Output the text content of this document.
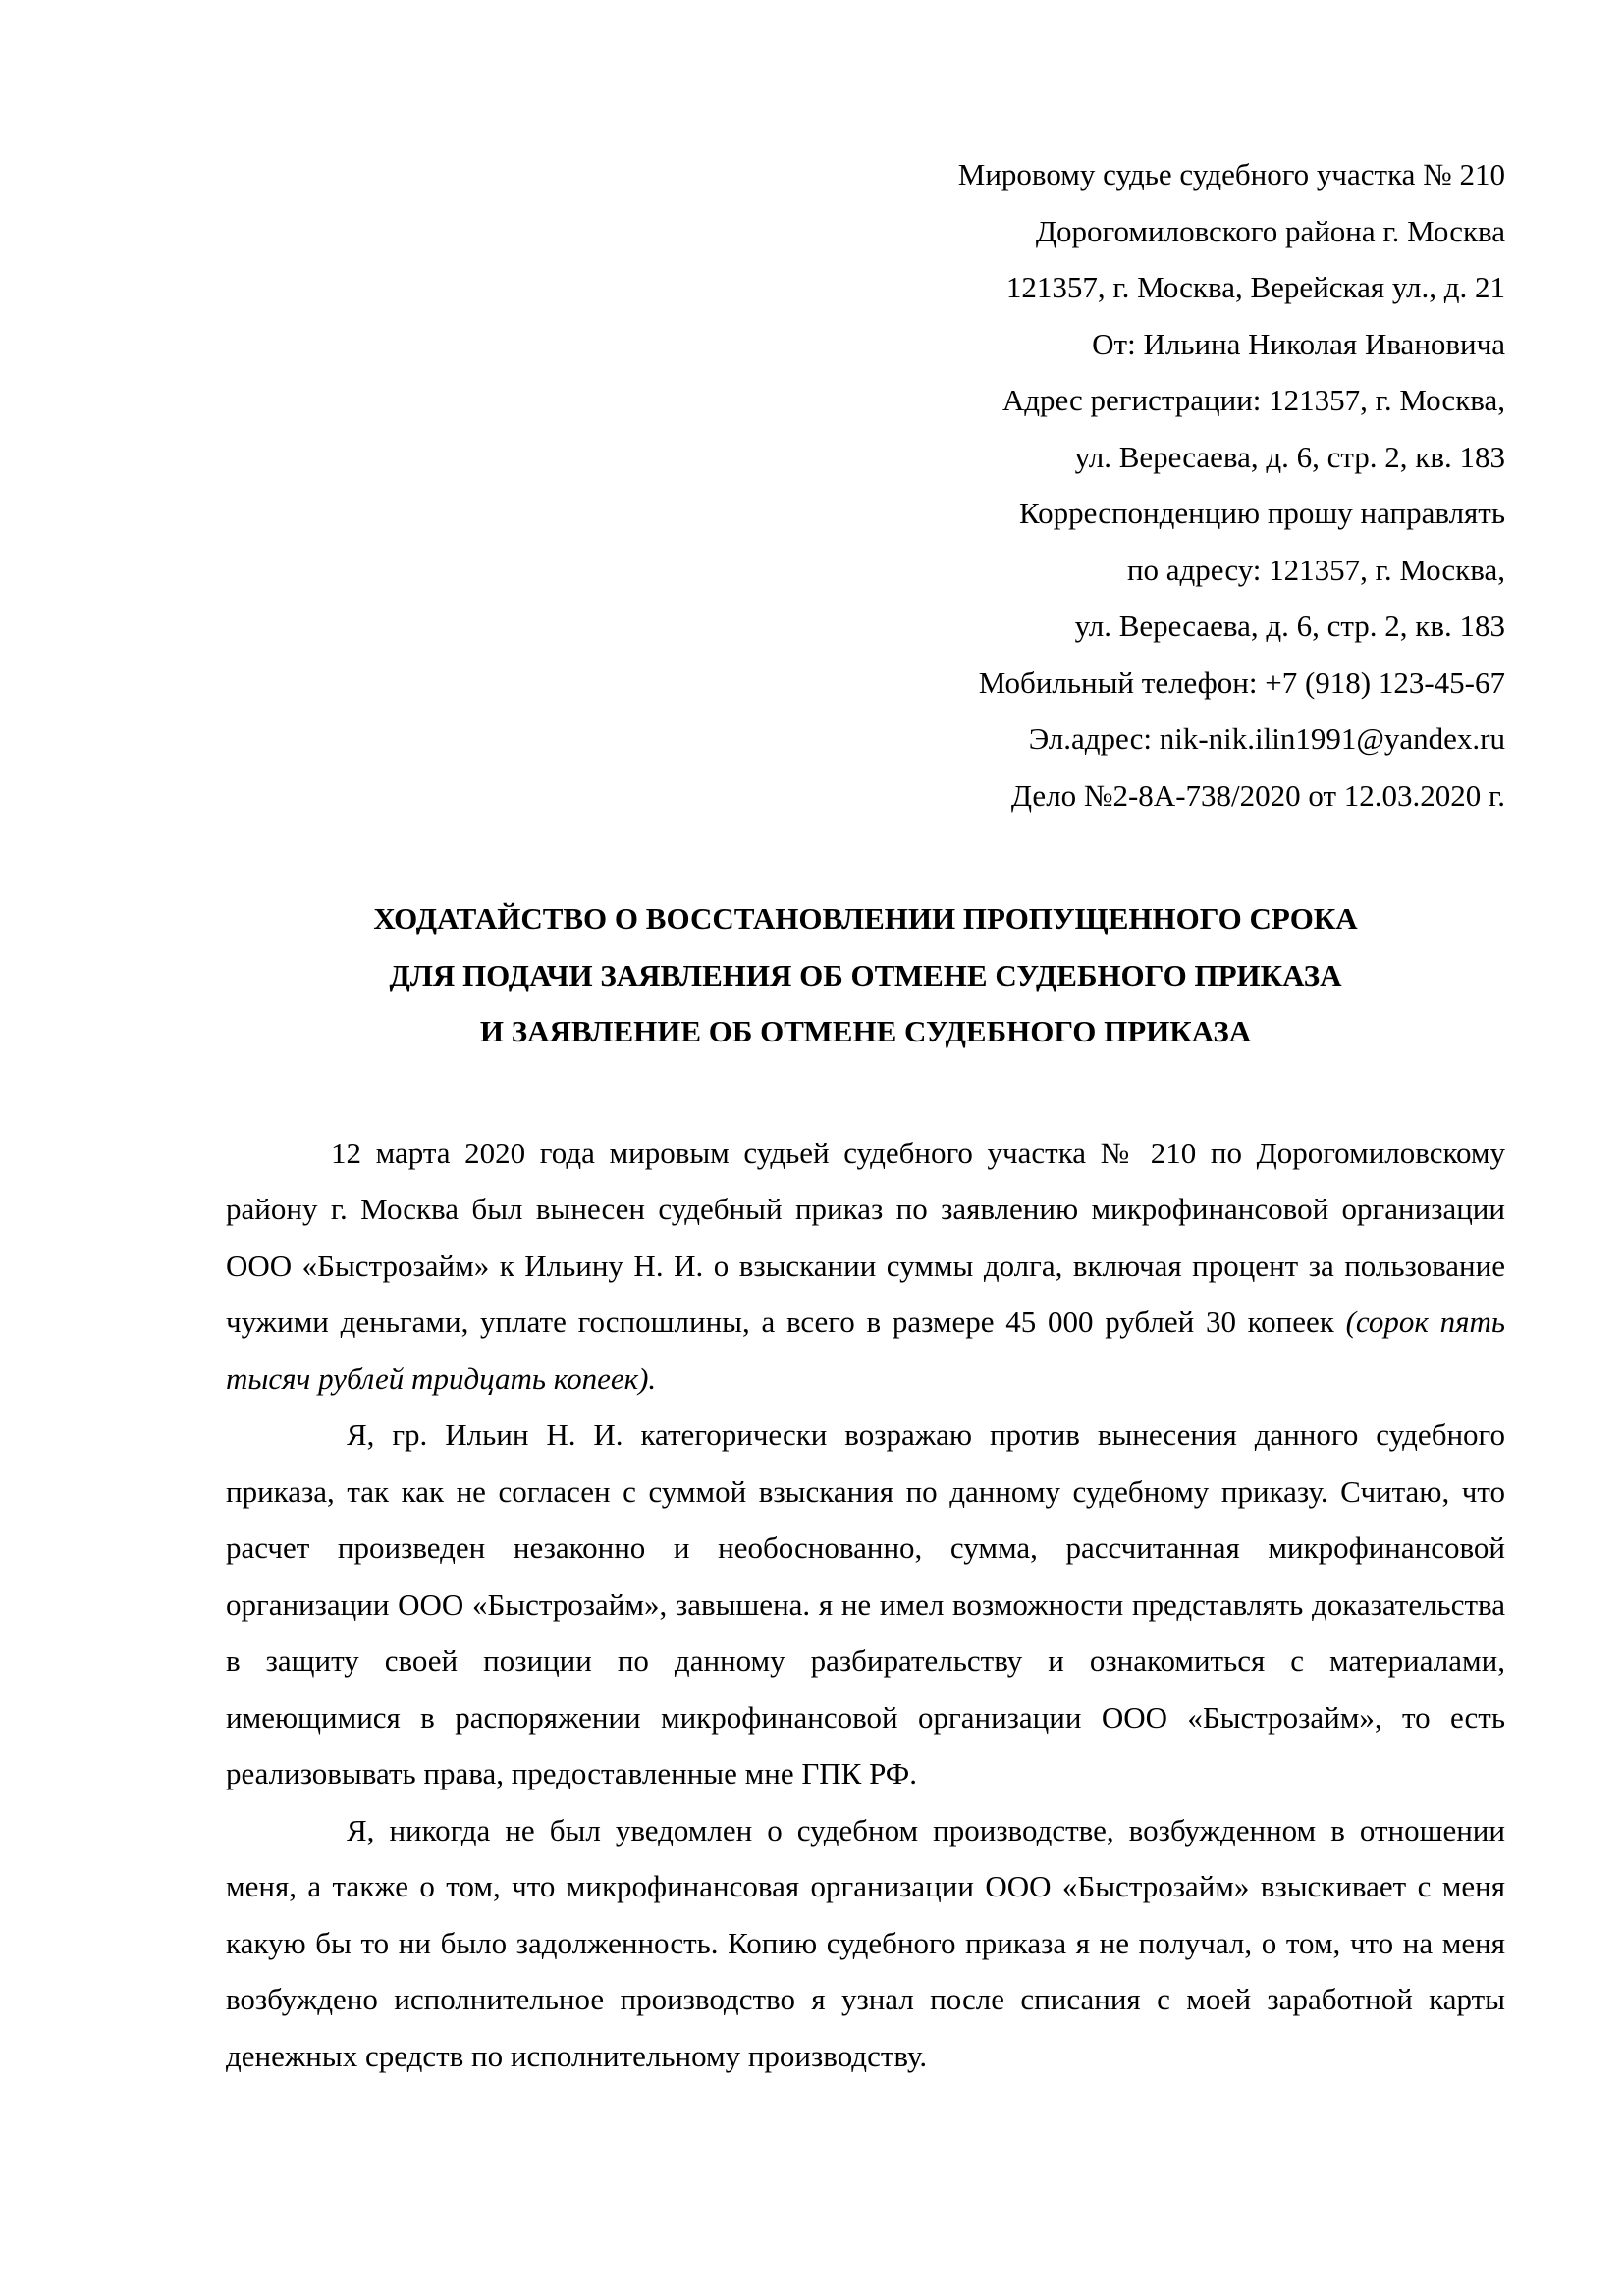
Мировому судье судебного участка № 210
Дорогомиловского района г. Москва
121357, г. Москва, Верейская ул., д. 21
От: Ильина Николая Ивановича
Адрес регистрации: 121357, г. Москва,
ул. Вересаева, д. 6, стр. 2, кв. 183
Корреспонденцию прошу направлять
по адресу: 121357, г. Москва,
ул. Вересаева, д. 6, стр. 2, кв. 183
Мобильный телефон: +7 (918) 123-45-67
Эл.адрес: nik-nik.ilin1991@yandex.ru
Дело №2-8А-738/2020 от 12.03.2020 г.
ХОДАТАЙСТВО О ВОССТАНОВЛЕНИИ ПРОПУЩЕННОГО СРОКА
ДЛЯ ПОДАЧИ ЗАЯВЛЕНИЯ ОБ ОТМЕНЕ СУДЕБНОГО ПРИКАЗА
И ЗАЯВЛЕНИЕ ОБ ОТМЕНЕ СУДЕБНОГО ПРИКАЗА

12 марта 2020 года мировым судьей судебного участка № 210 по Дорогомиловскому району г. Москва был вынесен судебный приказ по заявлению микрофинансовой организации ООО «Быстрозайм» к Ильину Н. И. о взыскании суммы долга, включая процент за пользование чужими деньгами, уплате госпошлины, а всего в размере 45 000 рублей 30 копеек (сорок пять тысяч рублей тридцать копеек).

Я, гр. Ильин Н. И. категорически возражаю против вынесения данного судебного приказа, так как не согласен с суммой взыскания по данному судебному приказу. Считаю, что расчет произведен незаконно и необоснованно, сумма, рассчитанная микрофинансовой организации ООО «Быстрозайм», завышена. я не имел возможности представлять доказательства в защиту своей позиции по данному разбирательству и ознакомиться с материалами, имеющимися в распоряжении микрофинансовой организации ООО «Быстрозайм», то есть реализовывать права, предоставленные мне ГПК РФ.

Я, никогда не был уведомлен о судебном производстве, возбужденном в отношении меня, а также о том, что микрофинансовая организации ООО «Быстрозайм» взыскивает с меня какую бы то ни было задолженность. Копию судебного приказа я не получал, о том, что на меня возбуждено исполнительное производство я узнал после списания с моей заработной карты денежных средств по исполнительному производству.
